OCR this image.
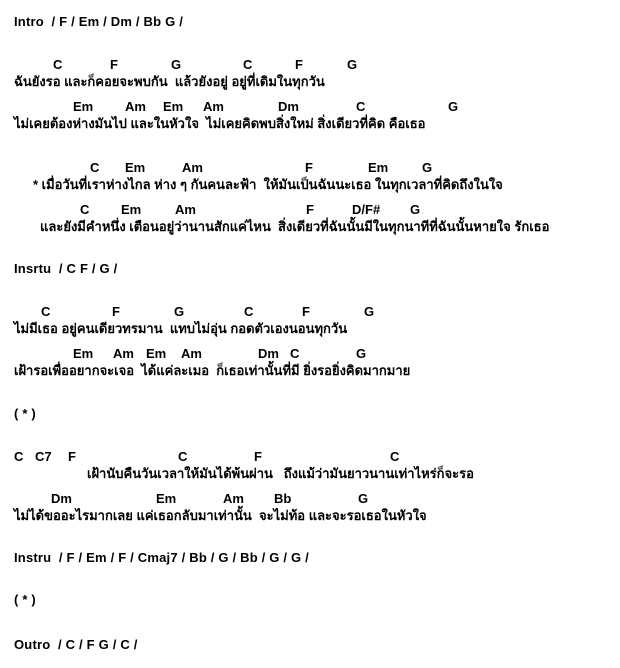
Intro  / F / Em / Dm / Bb G /
C	F	G	C	F	G
ฉันยังรอ และก็คอยจะพบกัน  แล้วยังอยู่ อยู่ที่เดิมในทุกวัน
Em Am Em Am	Dm	C	G
ไม่เคยต้องห่างมันไป และในหัวใจ  ไม่เคยคิดพบสิ่งใหม่ สิ่งเดียวที่คิด คือเธอ
C Em	Am	F	Em	G
* เมื่อวันที่เราห่างไกล ห่าง ๆ กันคนละฟ้า  ให้มันเป็นฉันนะเธอ ในทุกเวลาที่คิดถึงในใจ
C Em	Am	F	D/F# G
และยังมีคำหนึ่ง เตือนอยู่ว่านานสักแค่ไหน  สิ่งเดียวที่ฉันนั้นมีในทุกนาทีที่ฉันนั้นหายใจ รักเธอ
Insrtu  / C F / G /
C	F	G	C	F	G
ไม่มีเธอ อยู่คนเดียวทรมาน  แทบไม่อุ่น กอดตัวเองนอนทุกวัน
Em Am Em Am	Dm C	G
เฝ้ารอเพื่ออยากจะเจอ  ได้แค่ละเมอ  ก็เธอเท่านั้นที่มี ยิ่งรอยิ่งคิดมากมาย
( * )
C C7 F	C	F	C
เฝ้านับคืนวันเวลาให้มันได้พ้นผ่าน   ถึงแม้ว่ามันยาวนานเท่าไหร่ก็จะรอ
Dm	Em	Am Bb	G
ไม่ได้ขออะไรมากเลย แค่เธอกลับมาเท่านั้น  จะไม่ท้อ และจะรอเธอในหัวใจ
Instru  / F / Em / F / Cmaj7 / Bb / G / Bb / G / G /
( * )
Outro  / C / F G / C /
